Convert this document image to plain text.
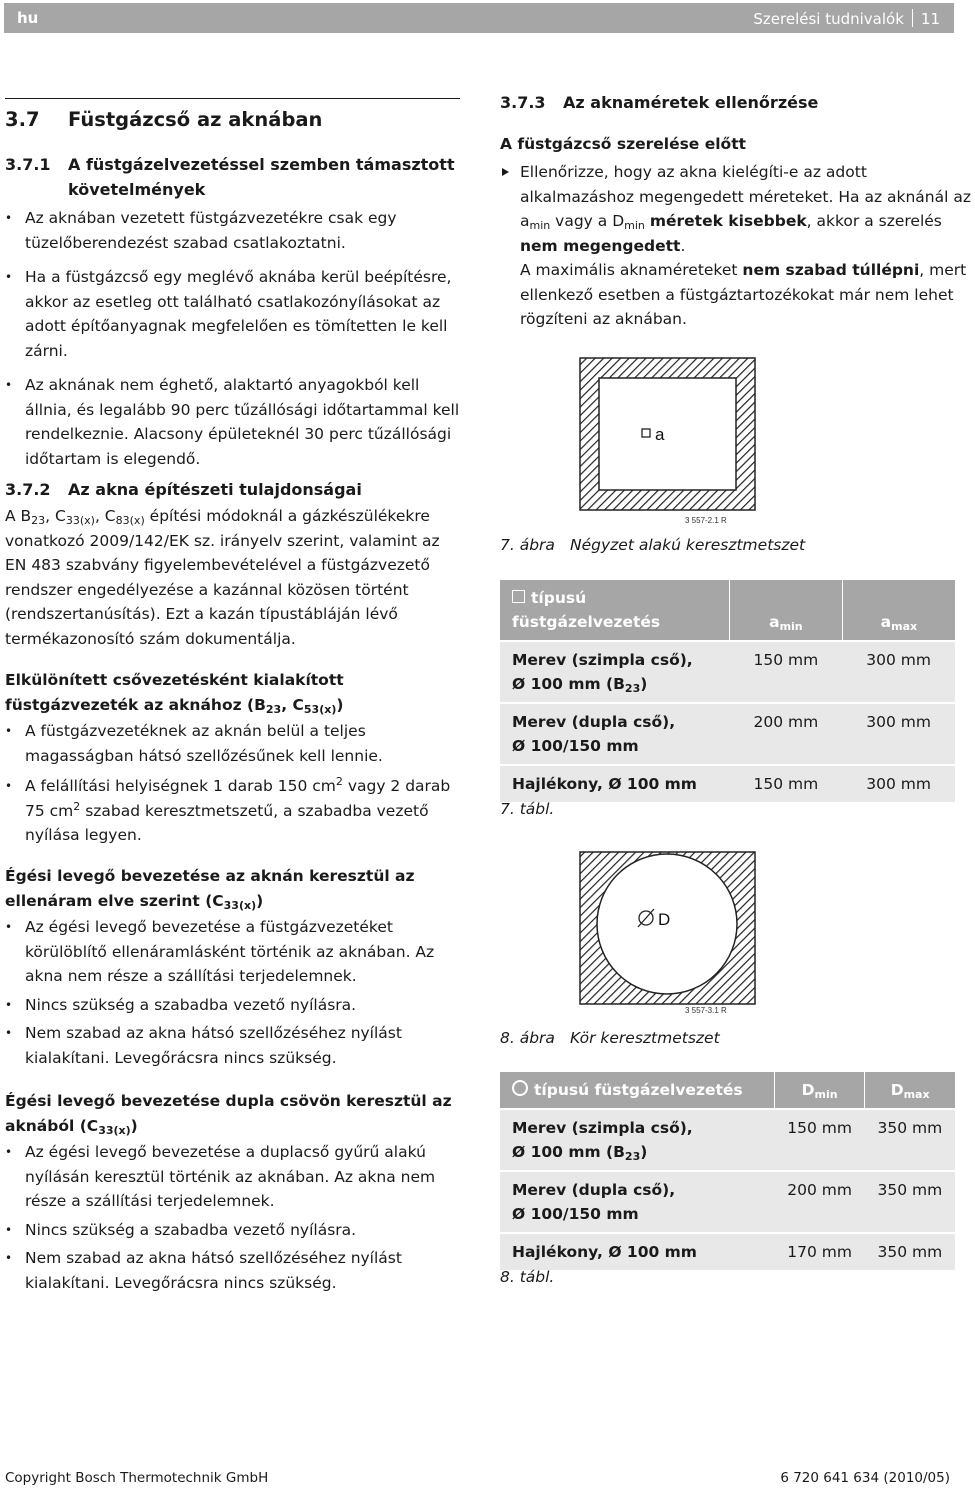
hu	Szerelési tudnivalók 11
3.7 Füstgázcső az aknában
3.7.1 A füstgázelvezetéssel szemben támasztott
követelmények
• Az aknában vezetett füstgázvezetékre csak egy tüzelőberendezést szabad csatlakoztatni.
• Ha a füstgázcső egy meglévő aknába kerül beépítésre, akkor az esetleg ott található csatlakozónyílásokat az adott építőanyagnak megfelelően es tömítetten le kell zárni.
• Az aknának nem éghető, alaktartó anyagokból kell állnia, és legalább 90 perc tűzállósági időtartammal kell rendelkeznie. Alacsony épületeknél 30 perc tűzállósági időtartam is elegendő.
3.7.2 Az akna építészeti tulajdonságai
A $B_{23}$, $C_{33(x)}$, $C_{83(x)}$ építési módoknál a gázkészülékekre vonatkozó 2009/142/EK sz. irányelv szerint, valamint az EN 483 szabvány figyelembevételével a füstgázvezető rendszer engedélyezése a kazánnal közösen történt (rendszertanúsítás). Ezt a kazán típustábláján lévő termékazonosító szám dokumentálja.
Elkülönített csővezetésként kialakított füstgázvezeték az aknához ($B_{23}$, $C_{53(x)}$)
• A füstgázvezetéknek az aknán belül a teljes magasságban hátsó szellőzésűnek kell lennie.
• A felállítási helyiségnek 1 darab 150 $cm^2$ vagy 2 darab 75 $cm^2$ szabad keresztmetszetű, a szabadba vezető nyílása legyen.
Égési levegő bevezetése az aknán keresztül az ellenáram elve szerint $(C_{33(x)})$
• Az égési levegő bevezetése a füstgázvezetéket körülöblítő ellenáramlásként történik az aknában. Az akna nem része a szállítási terjedelemnek.
• Nincs szükség a szabadba vezető nyílásra.
• Nem szabad az akna hátsó szellőzéséhez nyílást kialakítani. Levegőrácsra nincs szükség.
Égési levegő bevezetése dupla csövön keresztül az aknából $(C_{33(x)})$
• Az égési levegő bevezetése a duplacső gyűrű alakú nyílásán keresztül történik az aknában. Az akna nem része a szállítási terjedelemnek.
• Nincs szükség a szabadba vezető nyílásra.
• Nem szabad az akna hátsó szellőzéséhez nyílást kialakítani. Levegőrácsra nincs szükség.
3.7.3 Az aknaméretek ellenőrzése
A füstgázcső szerelése előtt
Ellenőrizze, hogy az akna kielégíti-e az adott alkalmazáshoz megengedett méreteket. Ha az aknánál az $a_{min}$ vagy a $D_{min}$ méretek kisebbek, akkor a szerelés nem megengedett.
A maximális aknaméreteket nem szabad túllépni, mert ellenkező esetben a füstgáztartozékokat már nem lehet rögzíteni az aknában.
a
3 557-2.1 R
7. ábra Négyzet alakú keresztmetszet
típusú
füstgázelvezetés	$a_{min}$	$a_{max}$
Merev (szimpla cső),
Ø 100 mm $(B_{23})$	150 mm	300 mm
Merev (dupla cső),
Ø 100/150 mm	200 mm	300 mm
Hajlékony, Ø 100 mm	150 mm	300 mm
7. tábl.
D
3 557-3.1 R
8. ábra Kör keresztmetszet
típusú füstgázelvezetés	$D_{min}$	$D_{max}$
Merev (szimpla cső),
Ø 100 mm $(B_{23})$	150 mm	350 mm
Merev (dupla cső),
Ø 100/150 mm	200 mm	350 mm
Hajlékony, Ø 100 mm	170 mm	350 mm
8. tábl.
Copyright Bosch Thermotechnik GmbH	6 720 641 634 (2010/05)
